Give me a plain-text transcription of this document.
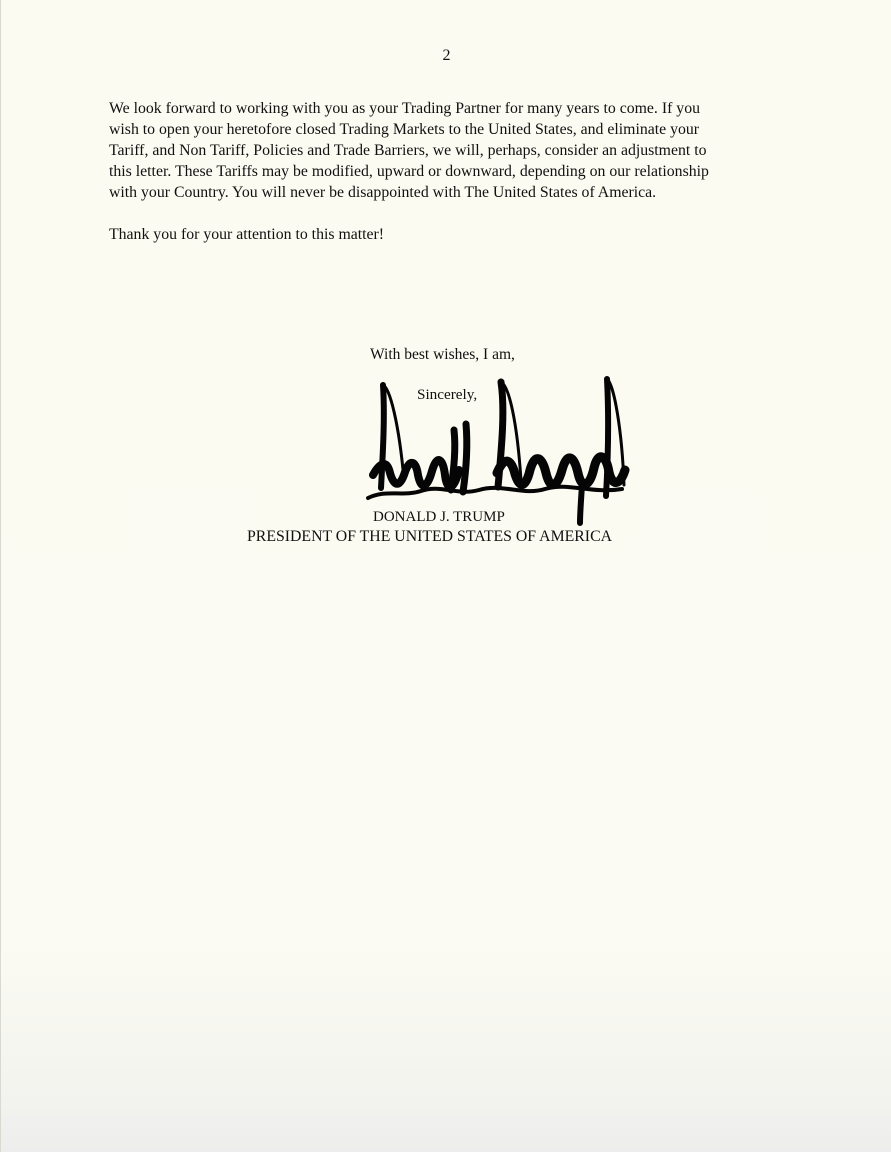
2

We look forward to working with you as your Trading Partner for many years to come. If you
wish to open your heretofore closed Trading Markets to the United States, and eliminate your
Tariff, and Non Tariff, Policies and Trade Barriers, we will, perhaps, consider an adjustment to
this letter. These Tariffs may be modified, upward or downward, depending on our relationship
with your Country. You will never be disappointed with The United States of America.

Thank you for your attention to this matter!

With best wishes, I am,
Sincerely,
DONALD J. TRUMP
PRESIDENT OF THE UNITED STATES OF AMERICA
